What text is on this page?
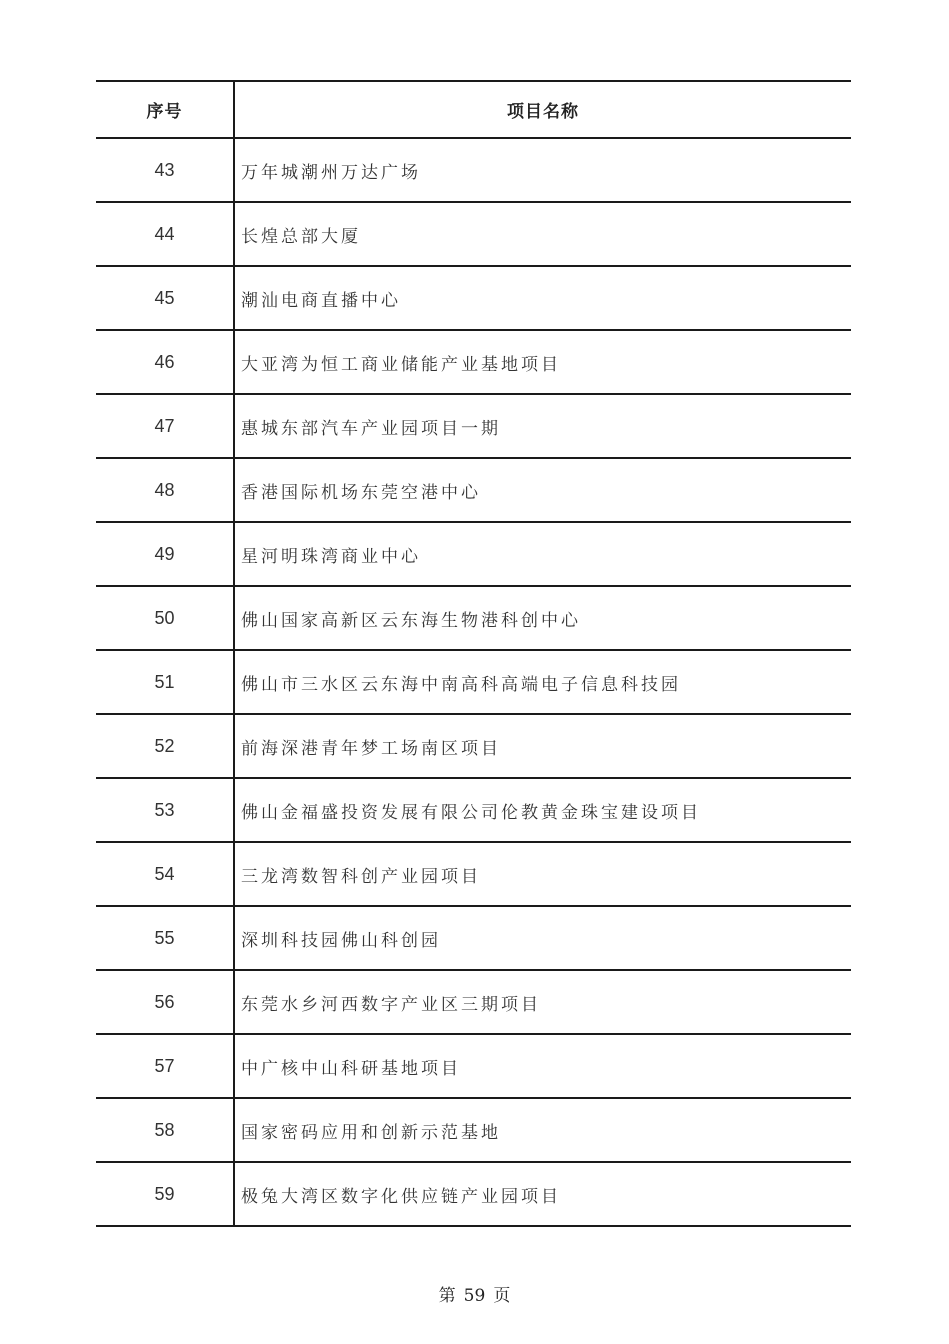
序号	项目名称
43	万年城潮州万达广场
44	长煌总部大厦
45	潮汕电商直播中心
46	大亚湾为恒工商业储能产业基地项目
47	惠城东部汽车产业园项目一期
48	香港国际机场东莞空港中心
49	星河明珠湾商业中心
50	佛山国家高新区云东海生物港科创中心
51	佛山市三水区云东海中南高科高端电子信息科技园
52	前海深港青年梦工场南区项目
53	佛山金福盛投资发展有限公司伦教黄金珠宝建设项目
54	三龙湾数智科创产业园项目
55	深圳科技园佛山科创园
56	东莞水乡河西数字产业区三期项目
57	中广核中山科研基地项目
58	国家密码应用和创新示范基地
59	极兔大湾区数字化供应链产业园项目
第 59 页
